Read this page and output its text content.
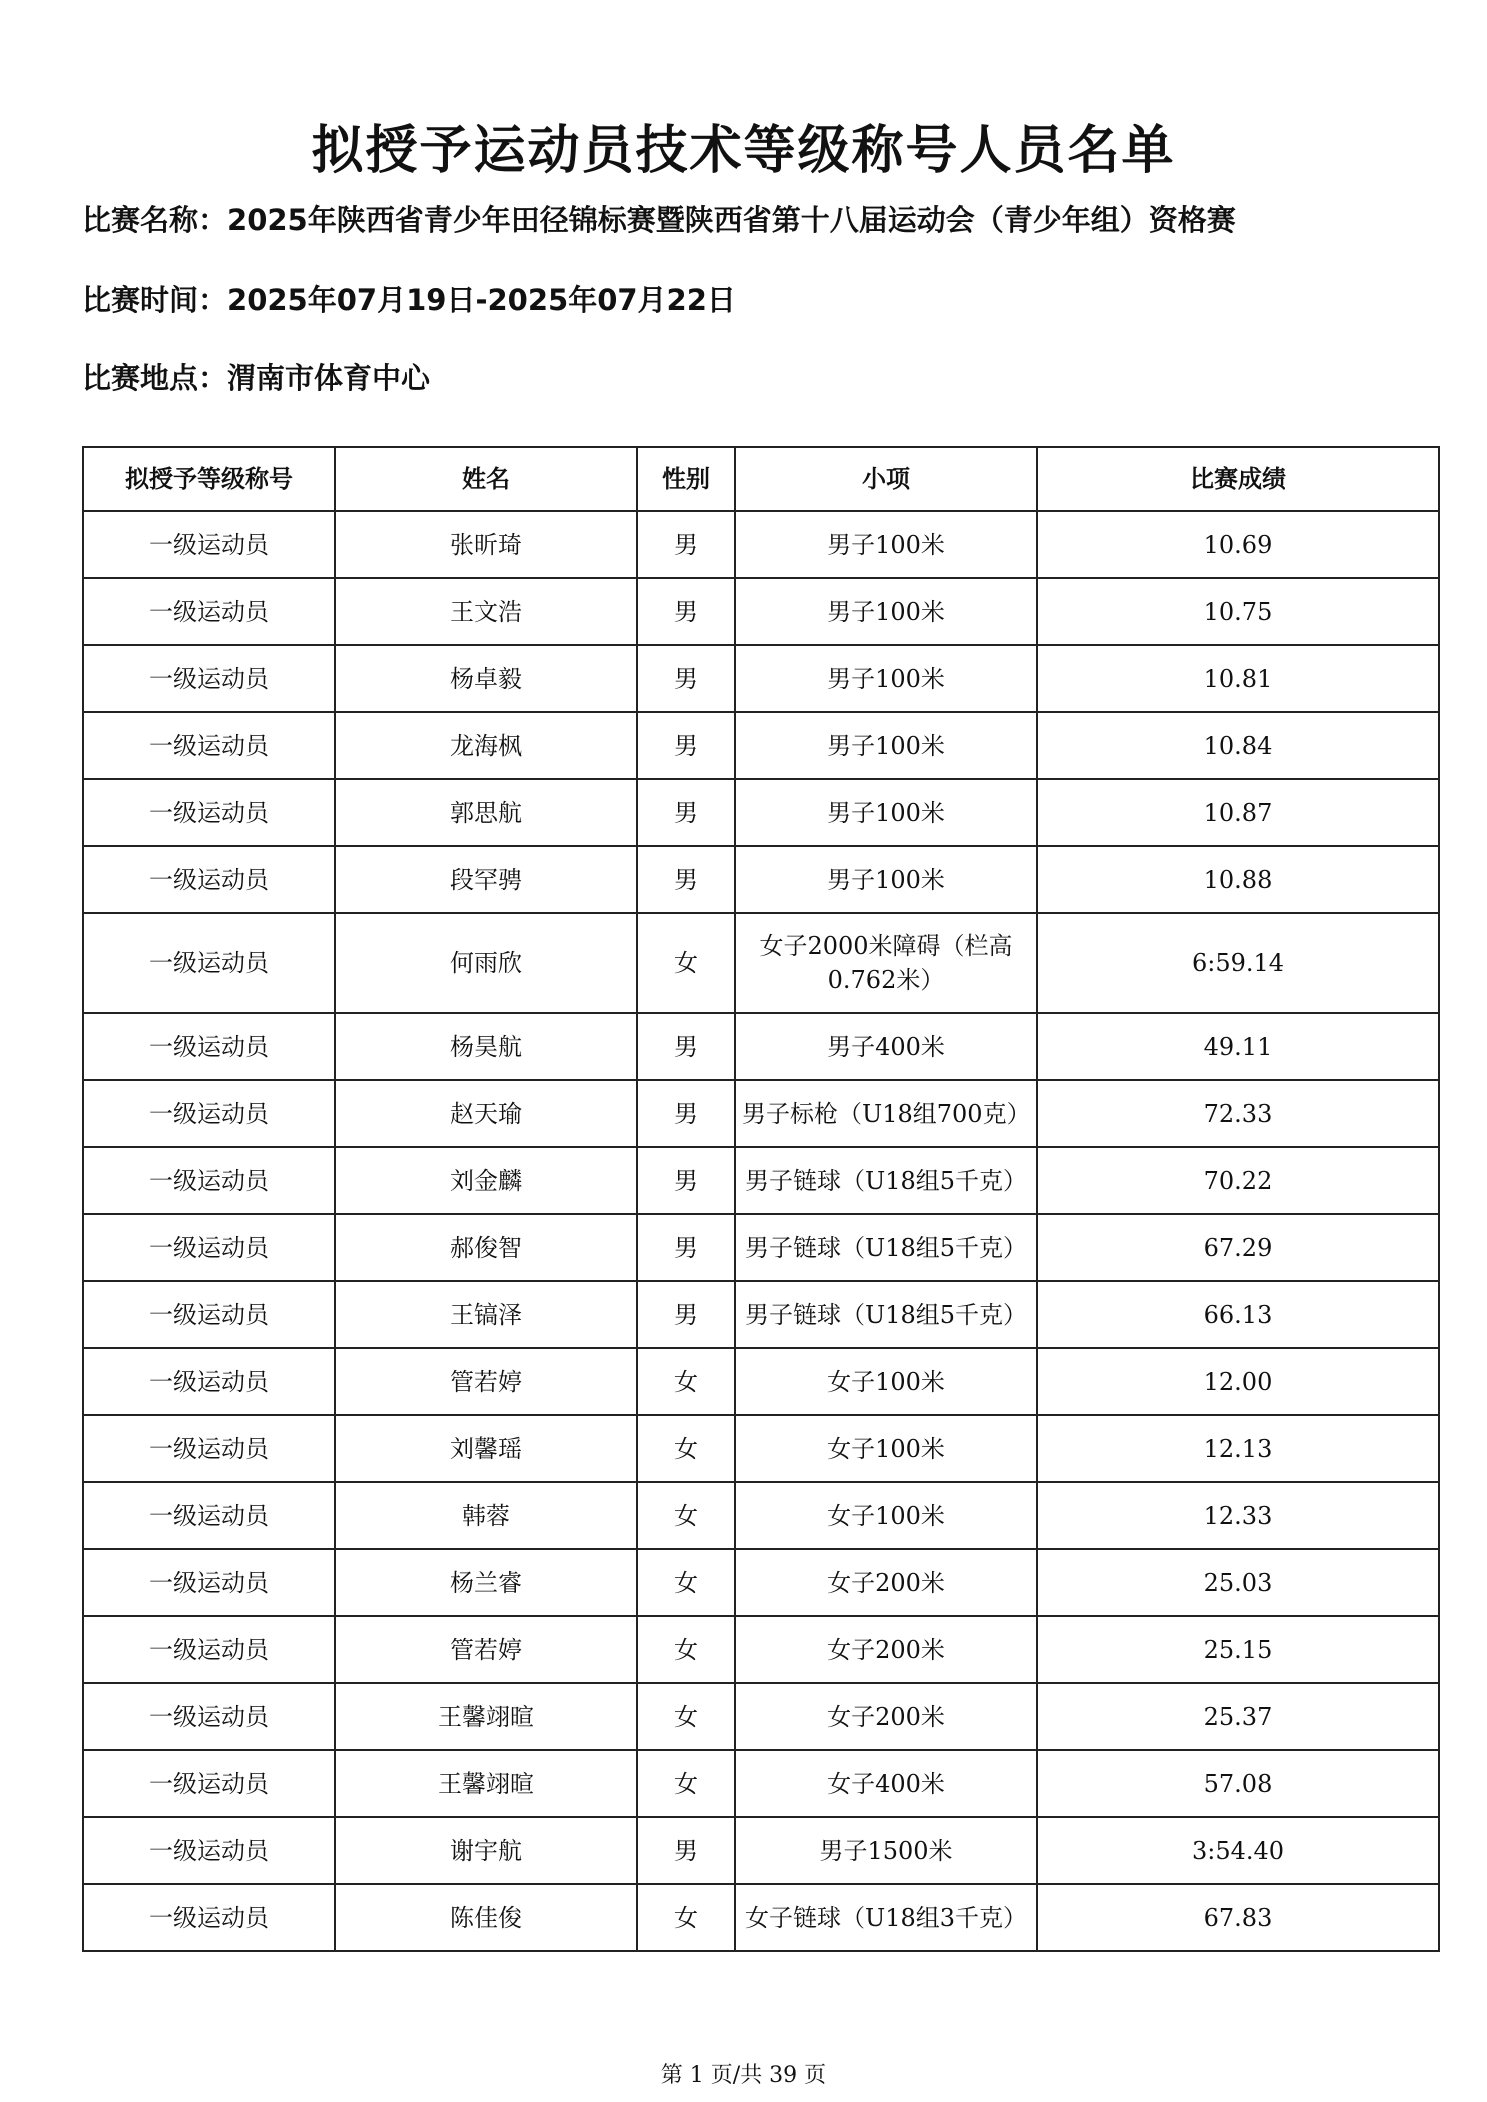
拟授予运动员技术等级称号人员名单
比赛名称：2025年陕西省青少年田径锦标赛暨陕西省第十八届运动会（青少年组）资格赛
比赛时间：2025年07月19日-2025年07月22日
比赛地点：渭南市体育中心
拟授予等级称号	姓名	性别	小项	比赛成绩
一级运动员	张昕琦	男	男子100米	10.69
一级运动员	王文浩	男	男子100米	10.75
一级运动员	杨卓毅	男	男子100米	10.81
一级运动员	龙海枫	男	男子100米	10.84
一级运动员	郭思航	男	男子100米	10.87
一级运动员	段罕骋	男	男子100米	10.88
一级运动员	何雨欣	女	女子2000米障碍（栏高0.762米）	6:59.14
一级运动员	杨昊航	男	男子400米	49.11
一级运动员	赵天瑜	男	男子标枪（U18组700克）	72.33
一级运动员	刘金麟	男	男子链球（U18组5千克）	70.22
一级运动员	郝俊智	男	男子链球（U18组5千克）	67.29
一级运动员	王镐泽	男	男子链球（U18组5千克）	66.13
一级运动员	管若婷	女	女子100米	12.00
一级运动员	刘馨瑶	女	女子100米	12.13
一级运动员	韩蓉	女	女子100米	12.33
一级运动员	杨兰睿	女	女子200米	25.03
一级运动员	管若婷	女	女子200米	25.15
一级运动员	王馨翊暄	女	女子200米	25.37
一级运动员	王馨翊暄	女	女子400米	57.08
一级运动员	谢宇航	男	男子1500米	3:54.40
一级运动员	陈佳俊	女	女子链球（U18组3千克）	67.83
第 1 页/共 39 页
